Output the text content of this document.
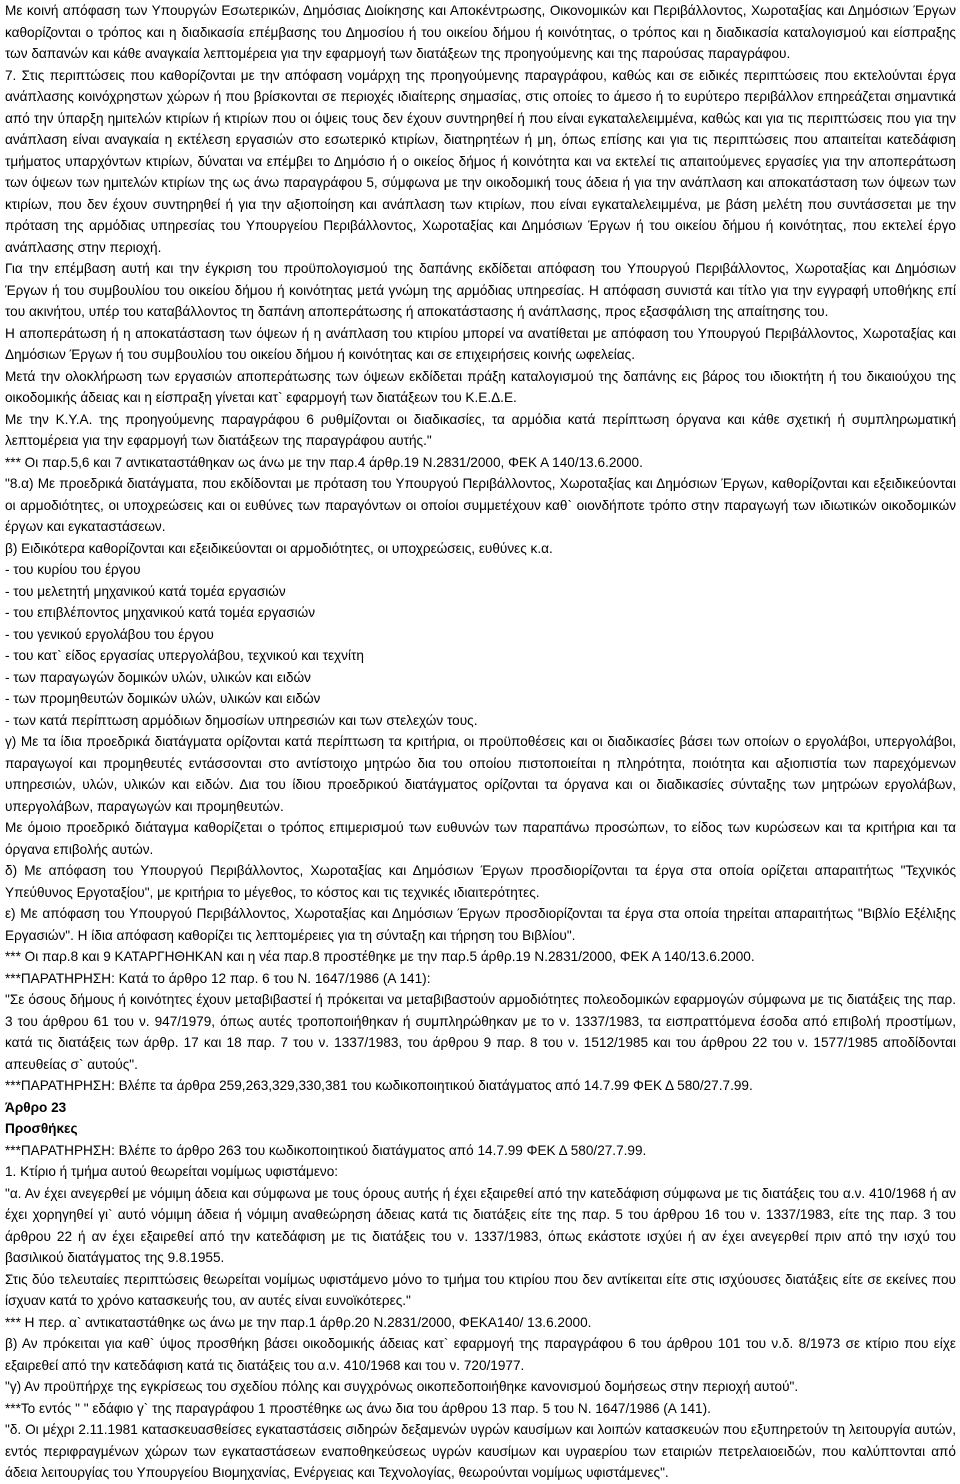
Με κοινή απόφαση των Υπουργών Εσωτερικών, Δημόσιας Διοίκησης και Αποκέντρωσης, Οικονομικών και Περιβάλλοντος, Χωροταξίας και Δημόσιων Έργων καθορίζονται ο τρόπος και η διαδικασία επέμβασης του Δημοσίου ή του οικείου δήμου ή κοινότητας, ο τρόπος και η διαδικασία καταλογισμού και είσπραξης των δαπανών και κάθε αναγκαία λεπτομέρεια για την εφαρμογή των διατάξεων της προηγούμενης και της παρούσας παραγράφου.

7. Στις περιπτώσεις που καθορίζονται με την απόφαση νομάρχη της προηγούμενης παραγράφου, καθώς και σε ειδικές περιπτώσεις που εκτελούνται έργα ανάπλασης κοινόχρηστων χώρων ή που βρίσκονται σε περιοχές ιδιαίτερης σημασίας, στις οποίες το άμεσο ή το ευρύτερο περιβάλλον επηρεάζεται σημαντικά από την ύπαρξη ημιτελών κτιρίων ή κτιρίων που οι όψεις τους δεν έχουν συντηρηθεί ή που είναι εγκαταλελειμμένα, καθώς και για τις περιπτώσεις που για την ανάπλαση είναι αναγκαία η εκτέλεση εργασιών στο εσωτερικό κτιρίων, διατηρητέων ή μη, όπως επίσης και για τις περιπτώσεις που απαιτείται κατεδάφιση τμήματος υπαρχόντων κτιρίων, δύναται να επέμβει το Δημόσιο ή ο οικείος δήμος ή κοινότητα και να εκτελεί τις απαιτούμενες εργασίες για την αποπεράτωση των όψεων των ημιτελών κτιρίων της ως άνω παραγράφου 5, σύμφωνα με την οικοδομική τους άδεια ή για την ανάπλαση και αποκατάσταση των όψεων των κτιρίων, που δεν έχουν συντηρηθεί ή για την αξιοποίηση και ανάπλαση των κτιρίων, που είναι εγκαταλελειμμένα, με βάση μελέτη που συντάσσεται με την πρόταση της αρμόδιας υπηρεσίας του Υπουργείου Περιβάλλοντος, Χωροταξίας και Δημόσιων Έργων ή του οικείου δήμου ή κοινότητας, που εκτελεί έργο ανάπλασης στην περιοχή.

Για την επέμβαση αυτή και την έγκριση του προϋπολογισμού της δαπάνης εκδίδεται απόφαση του Υπουργού Περιβάλλοντος, Χωροταξίας και Δημόσιων Έργων ή του συμβουλίου του οικείου δήμου ή κοινότητας μετά γνώμη της αρμόδιας υπηρεσίας. Η απόφαση συνιστά και τίτλο για την εγγραφή υποθήκης επί του ακινήτου, υπέρ του καταβάλλοντος τη δαπάνη αποπεράτωσης ή αποκατάστασης ή ανάπλασης, προς εξασφάλιση της απαίτησης του.

Η αποπεράτωση ή η αποκατάσταση των όψεων ή η ανάπλαση του κτιρίου μπορεί να ανατίθεται με απόφαση του Υπουργού Περιβάλλοντος, Χωροταξίας και Δημόσιων Έργων ή του συμβουλίου του οικείου δήμου ή κοινότητας και σε επιχειρήσεις κοινής ωφελείας.

Μετά την ολοκλήρωση των εργασιών αποπεράτωσης των όψεων εκδίδεται πράξη καταλογισμού της δαπάνης εις βάρος του ιδιοκτήτη ή του δικαιούχου της οικοδομικής άδειας και η είσπραξη γίνεται κατ` εφαρμογή των διατάξεων του Κ.Ε.Δ.Ε.

Με την Κ.Υ.Α. της προηγούμενης παραγράφου 6 ρυθμίζονται οι διαδικασίες, τα αρμόδια κατά περίπτωση όργανα και κάθε σχετική ή συμπληρωματική λεπτομέρεια για την εφαρμογή των διατάξεων της παραγράφου αυτής."

*** Οι παρ.5,6 και 7 αντικαταστάθηκαν ως άνω με την παρ.4 άρθρ.19 Ν.2831/2000, ΦΕΚ Α 140/13.6.2000.

"8.α) Με προεδρικά διατάγματα, που εκδίδονται με πρόταση του Υπουργού Περιβάλλοντος, Χωροταξίας και Δημόσιων Έργων, καθορίζονται και εξειδικεύονται οι αρμοδιότητες, οι υποχρεώσεις και οι ευθύνες των παραγόντων οι οποίοι συμμετέχουν καθ` οιονδήποτε τρόπο στην παραγωγή των ιδιωτικών οικοδομικών έργων και εγκαταστάσεων.

β) Ειδικότερα καθορίζονται και εξειδικεύονται οι αρμοδιότητες, οι υποχρεώσεις, ευθύνες κ.α.

- του κυρίου του έργου

- του μελετητή μηχανικού κατά τομέα εργασιών

- του επιβλέποντος μηχανικού κατά τομέα εργασιών

- του γενικού εργολάβου του έργου

- του κατ` είδος εργασίας υπεργολάβου, τεχνικού και τεχνίτη

- των παραγωγών δομικών υλών, υλικών και ειδών

- των προμηθευτών δομικών υλών, υλικών και ειδών

- των κατά περίπτωση αρμόδιων δημοσίων υπηρεσιών και των στελεχών τους.

γ) Με τα ίδια προεδρικά διατάγματα ορίζονται κατά περίπτωση τα κριτήρια, οι προϋποθέσεις και οι διαδικασίες βάσει των οποίων ο εργολάβοι, υπεργολάβοι, παραγωγοί και προμηθευτές εντάσσονται στο αντίστοιχο μητρώο δια του οποίου πιστοποιείται η πληρότητα, ποιότητα και αξιοπιστία των παρεχόμενων υπηρεσιών, υλών, υλικών και ειδών. Δια του ίδιου προεδρικού διατάγματος ορίζονται τα όργανα και οι διαδικασίες σύνταξης των μητρώων εργολάβων, υπεργολάβων, παραγωγών και προμηθευτών.

Με όμοιο προεδρικό διάταγμα καθορίζεται ο τρόπος επιμερισμού των ευθυνών των παραπάνω προσώπων, το είδος των κυρώσεων και τα κριτήρια και τα όργανα επιβολής αυτών.

δ) Με απόφαση του Υπουργού Περιβάλλοντος, Χωροταξίας και Δημόσιων Έργων προσδιορίζονται τα έργα στα οποία ορίζεται απαραιτήτως "Τεχνικός Υπεύθυνος Εργοταξίου", με κριτήρια το μέγεθος, το κόστος και τις τεχνικές ιδιαιτερότητες.

ε) Με απόφαση του Υπουργού Περιβάλλοντος, Χωροταξίας και Δημόσιων Έργων προσδιορίζονται τα έργα στα οποία τηρείται απαραιτήτως "Βιβλίο Εξέλιξης Εργασιών". Η ίδια απόφαση καθορίζει τις λεπτομέρειες για τη σύνταξη και τήρηση του Βιβλίου".

*** Οι παρ.8 και 9 ΚΑΤΑΡΓΗΘΗΚΑΝ και η νέα παρ.8 προστέθηκε με την παρ.5 άρθρ.19 Ν.2831/2000, ΦΕΚ Α 140/13.6.2000.

***ΠΑΡΑΤΗΡΗΣΗ: Κατά το άρθρο 12 παρ. 6 του Ν. 1647/1986 (Α 141):

"Σε όσους δήμους ή κοινότητες έχουν μεταβιβαστεί ή πρόκειται να μεταβιβαστούν αρμοδιότητες πολεοδομικών εφαρμογών σύμφωνα με τις διατάξεις της παρ. 3 του άρθρου 61 του ν. 947/1979, όπως αυτές τροποποιήθηκαν ή συμπληρώθηκαν με το ν. 1337/1983, τα εισπραττόμενα έσοδα από επιβολή προστίμων, κατά τις διατάξεις των άρθρ. 17 και 18 παρ. 7 του ν. 1337/1983, του άρθρου 9 παρ. 8 του ν. 1512/1985 και του άρθρου 22 του ν. 1577/1985 αποδίδονται απευθείας σ` αυτούς".

***ΠΑΡΑΤΗΡΗΣΗ: Βλέπε τα άρθρα 259,263,329,330,381 του κωδικοποιητικού διατάγματος από 14.7.99 ΦΕΚ Δ 580/27.7.99.

Άρθρο 23

Προσθήκες

***ΠΑΡΑΤΗΡΗΣΗ: Βλέπε το άρθρο 263 του κωδικοποιητικού διατάγματος από 14.7.99 ΦΕΚ Δ 580/27.7.99.

1. Κτίριο ή τμήμα αυτού θεωρείται νομίμως υφιστάμενο:

"α. Αν έχει ανεγερθεί με νόμιμη άδεια και σύμφωνα με τους όρους αυτής ή έχει εξαιρεθεί από την κατεδάφιση σύμφωνα με τις διατάξεις του α.ν. 410/1968 ή αν έχει χορηγηθεί γι` αυτό νόμιμη άδεια ή νόμιμη αναθεώρηση άδειας κατά τις διατάξεις είτε της παρ. 5 του άρθρου 16 του ν. 1337/1983, είτε της παρ. 3 του άρθρου 22 ή αν έχει εξαιρεθεί από την κατεδάφιση με τις διατάξεις του ν. 1337/1983, όπως εκάστοτε ισχύει ή αν έχει ανεγερθεί πριν από την ισχύ του βασιλικού διατάγματος της 9.8.1955.

Στις δύο τελευταίες περιπτώσεις θεωρείται νομίμως υφιστάμενο μόνο το τμήμα του κτιρίου που δεν αντίκειται είτε στις ισχύουσες διατάξεις είτε σε εκείνες που ίσχυαν κατά το χρόνο κατασκευής του, αν αυτές είναι ευνοϊκότερες."

*** Η περ. α` αντικαταστάθηκε ως άνω με την παρ.1 άρθρ.20 Ν.2831/2000, ΦΕΚΑ140/ 13.6.2000.

β) Αν πρόκειται για καθ` ύψος προσθήκη βάσει οικοδομικής άδειας κατ` εφαρμογή της παραγράφου 6 του άρθρου 101 του ν.δ. 8/1973 σε κτίριο που είχε εξαιρεθεί από την κατεδάφιση κατά τις διατάξεις του α.ν. 410/1968 και του ν. 720/1977.

"γ) Αν προϋπήρχε της εγκρίσεως του σχεδίου πόλης και συγχρόνως οικοπεδοποιήθηκε κανονισμού δομήσεως στην περιοχή αυτού".

***Το εντός " " εδάφιο γ` της παραγράφου 1 προστέθηκε ως άνω δια του άρθρου 13 παρ. 5 του Ν. 1647/1986 (Α 141).

"δ. Οι μέχρι 2.11.1981 κατασκευασθείσες εγκαταστάσεις σιδηρών δεξαμενών υγρών καυσίμων και λοιπών κατασκευών που εξυπηρετούν τη λειτουργία αυτών, εντός περιφραγμένων χώρων των εγκαταστάσεων εναποθηκεύσεως υγρών καυσίμων και υγραερίου των εταιριών πετρελαιοειδών, που καλύπτονται από άδεια λειτουργίας του Υπουργείου Βιομηχανίας, Ενέργειας και Τεχνολογίας, θεωρούνται νομίμως υφιστάμενες".
